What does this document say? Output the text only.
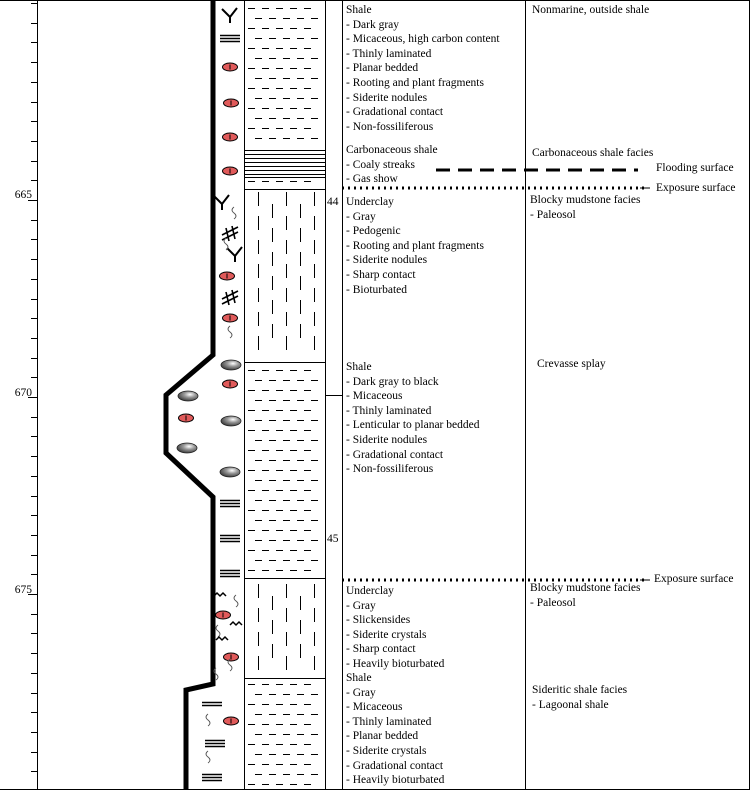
665
670
675
44
45
Shale
- Dark gray
- Micaceous, high carbon content
- Thinly laminated
- Planar bedded
- Rooting and plant fragments
- Siderite nodules
- Gradational contact
- Non-fossiliferous
Carbonaceous shale
- Coaly streaks
- Gas show
Underclay
- Gray
- Pedogenic
- Rooting and plant fragments
- Siderite nodules
- Sharp contact
- Bioturbated
Shale
- Dark gray to black
- Micaceous
- Thinly laminated
- Lenticular to planar bedded
- Siderite nodules
- Gradational contact
- Non-fossiliferous
Underclay
- Gray
- Slickensides
- Siderite crystals
- Sharp contact
- Heavily bioturbated
Shale
- Gray
- Micaceous
- Thinly laminated
- Planar bedded
- Siderite crystals
- Gradational contact
- Heavily bioturbated
Nonmarine, outside shale
Carbonaceous shale facies
Blocky mudstone facies
- Paleosol
Crevasse splay
Blocky mudstone facies
- Paleosol
Sideritic shale facies
- Lagoonal shale
Flooding surface
Exposure surface
Exposure surface
